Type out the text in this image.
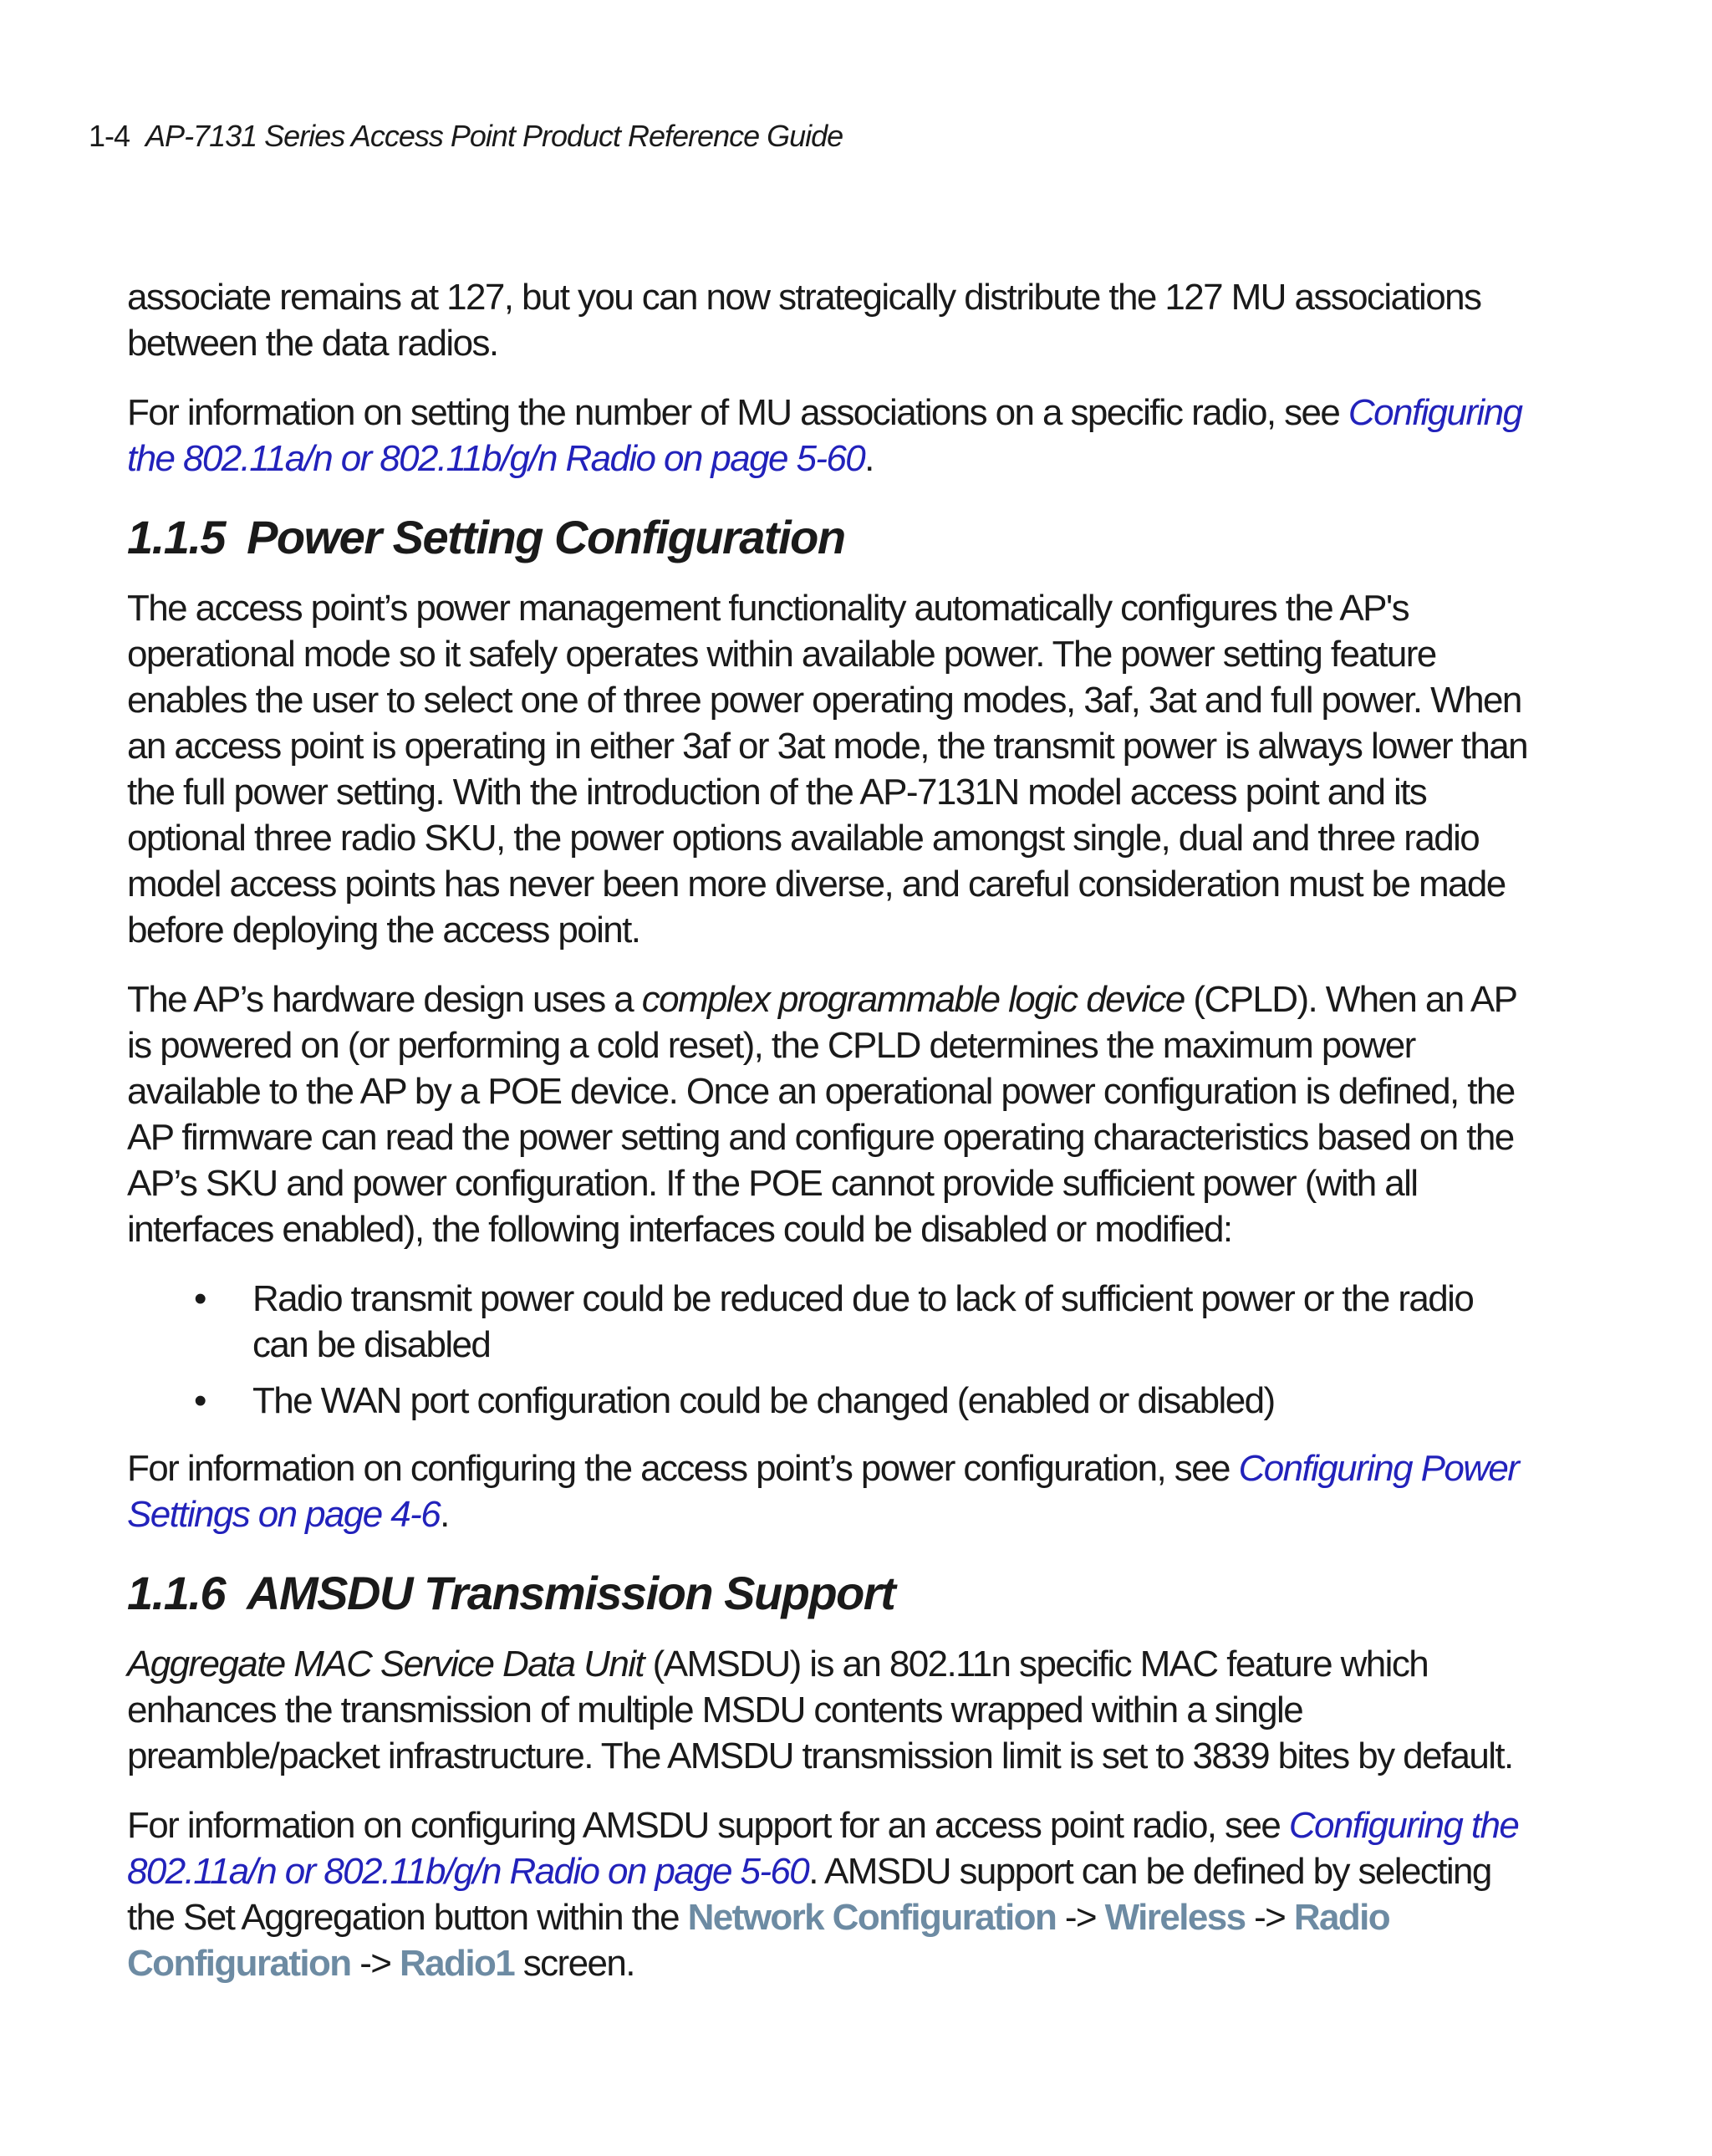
1-4 AP-7131 Series Access Point Product Reference Guide

associate remains at 127, but you can now strategically distribute the 127 MU associations between the data radios.

For information on setting the number of MU associations on a specific radio, see Configuring the 802.11a/n or 802.11b/g/n Radio on page 5-60.

1.1.5 Power Setting Configuration

The access point’s power management functionality automatically configures the AP's operational mode so it safely operates within available power. The power setting feature enables the user to select one of three power operating modes, 3af, 3at and full power. When an access point is operating in either 3af or 3at mode, the transmit power is always lower than the full power setting. With the introduction of the AP-7131N model access point and its optional three radio SKU, the power options available amongst single, dual and three radio model access points has never been more diverse, and careful consideration must be made before deploying the access point.

The AP’s hardware design uses a complex programmable logic device (CPLD). When an AP is powered on (or performing a cold reset), the CPLD determines the maximum power available to the AP by a POE device. Once an operational power configuration is defined, the AP firmware can read the power setting and configure operating characteristics based on the AP’s SKU and power configuration. If the POE cannot provide sufficient power (with all interfaces enabled), the following interfaces could be disabled or modified:

• Radio transmit power could be reduced due to lack of sufficient power or the radio can be disabled
• The WAN port configuration could be changed (enabled or disabled)

For information on configuring the access point’s power configuration, see Configuring Power Settings on page 4-6.

1.1.6 AMSDU Transmission Support

Aggregate MAC Service Data Unit (AMSDU) is an 802.11n specific MAC feature which enhances the transmission of multiple MSDU contents wrapped within a single preamble/packet infrastructure. The AMSDU transmission limit is set to 3839 bites by default.

For information on configuring AMSDU support for an access point radio, see Configuring the 802.11a/n or 802.11b/g/n Radio on page 5-60. AMSDU support can be defined by selecting the Set Aggregation button within the Network Configuration -> Wireless -> Radio Configuration -> Radio1 screen.
